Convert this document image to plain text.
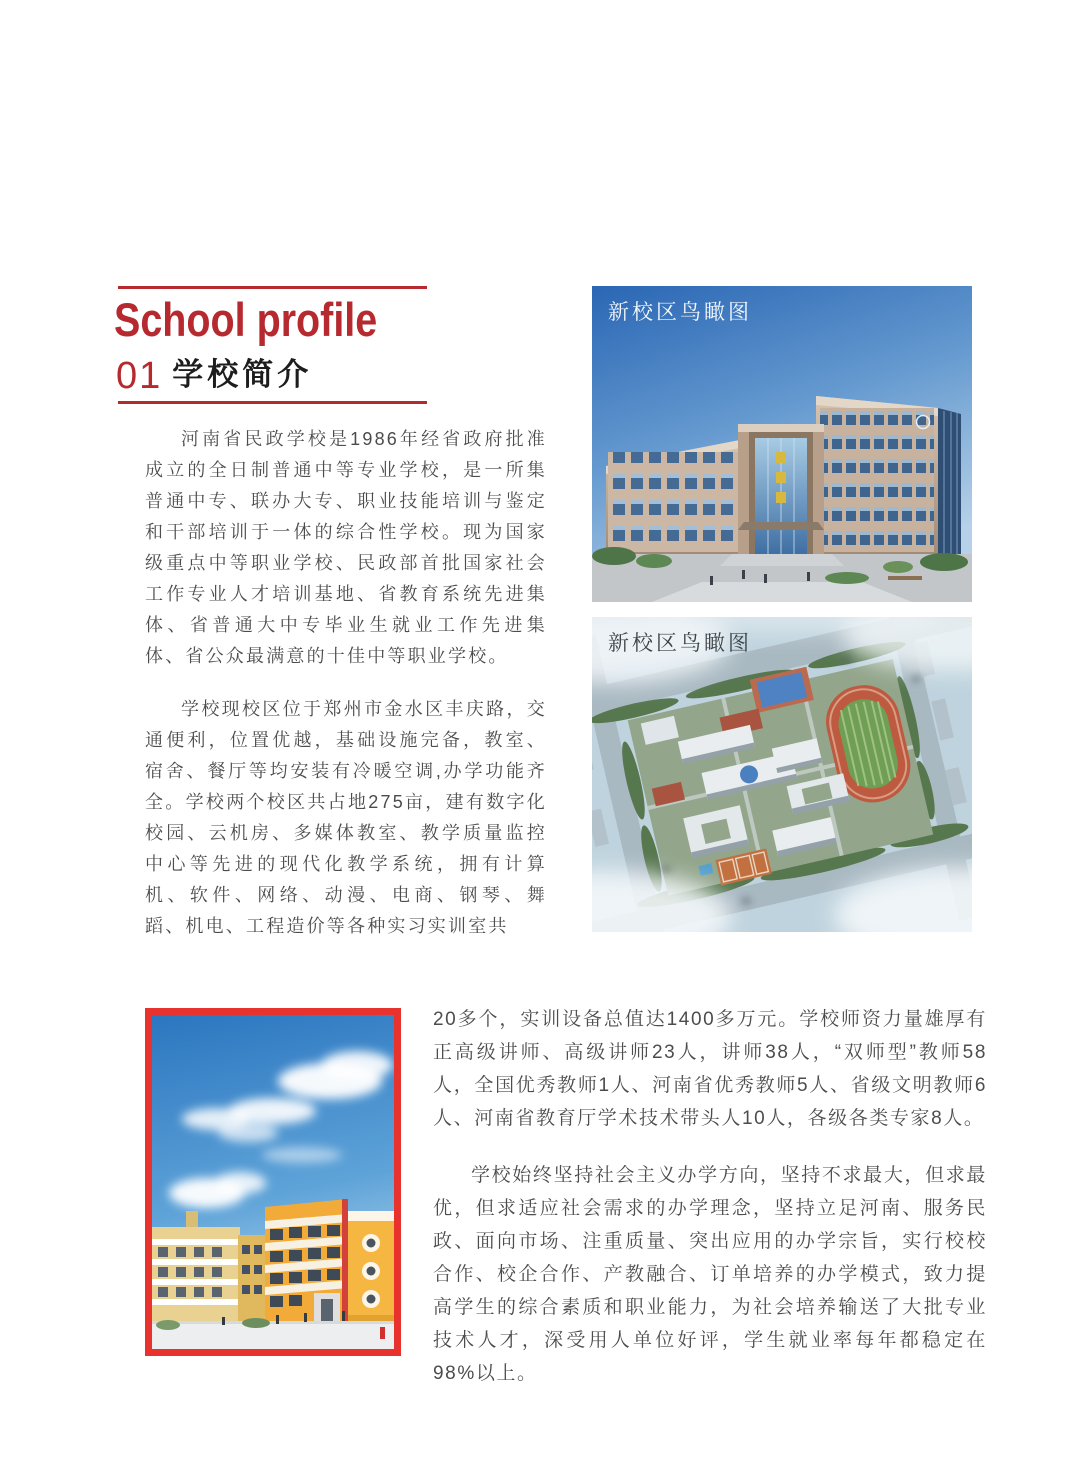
School profile
01 学校简介

河南省民政学校是1986年经省政府批准成立的全日制普通中等专业学校，是一所集普通中专、联办大专、职业技能培训与鉴定和干部培训于一体的综合性学校。现为国家级重点中等职业学校、民政部首批国家社会工作专业人才培训基地、省教育系统先进集体、省普通大中专毕业生就业工作先进集体、省公众最满意的十佳中等职业学校。

学校现校区位于郑州市金水区丰庆路，交通便利，位置优越，基础设施完备，教室、宿舍、餐厅等均安装有冷暖空调,办学功能齐全。学校两个校区共占地275亩，建有数字化校园、云机房、多媒体教室、教学质量监控中心等先进的现代化教学系统，拥有计算机、软件、网络、动漫、电商、钢琴、舞蹈、机电、工程造价等各种实习实训室共

新校区鸟瞰图
新校区鸟瞰图

20多个，实训设备总值达1400多万元。学校师资力量雄厚有正高级讲师、高级讲师23人，讲师38人，“双师型”教师58人，全国优秀教师1人、河南省优秀教师5人、省级文明教师6人、河南省教育厅学术技术带头人10人，各级各类专家8人。

学校始终坚持社会主义办学方向，坚持不求最大，但求最优，但求适应社会需求的办学理念，坚持立足河南、服务民政、面向市场、注重质量、突出应用的办学宗旨，实行校校合作、校企合作、产教融合、订单培养的办学模式，致力提高学生的综合素质和职业能力，为社会培养输送了大批专业技术人才，深受用人单位好评，学生就业率每年都稳定在98%以上。
